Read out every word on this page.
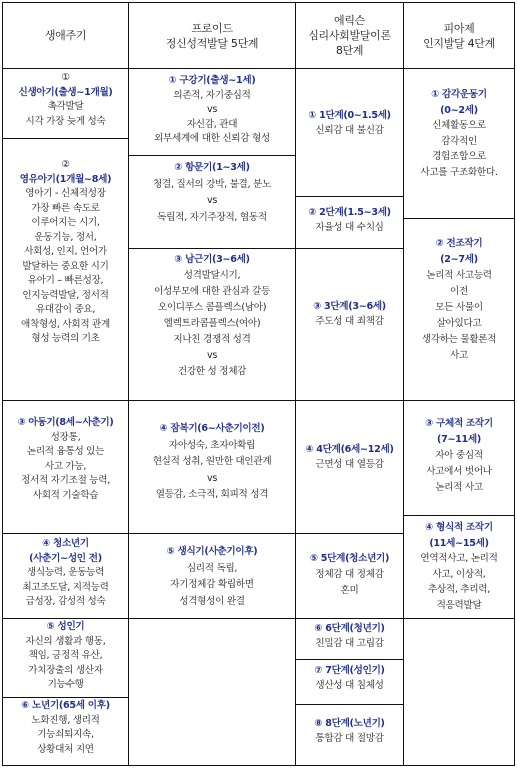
생애주기
프로이드
정신성적발달 5단계
에릭슨
심리사회발달이론
8단계
피아제
인지발달 4단계
①
신생아기(출생~1개월)
촉각발달
시각 가장 늦게 성숙
②
영유아기(1개월~8세)
영아기 - 신체적성장
가장 빠른 속도로
이루어지는 시기,
운동기능, 정서,
사회성, 인지, 언어가
발달하는 중요한 시기
유아기 – 빠른성장,
인지능력발달, 정서적
유대감이 중요,
애착형성, 사회적 관계
형성 능력의 기초
③ 아동기(8세~사춘기)
성장통,
논리적 융통성 있는
사고 가능,
정서적 자기조절 능력,
사회적 기술학습
④ 청소년기
(사춘기~성인 전)
생식능력, 운동능력
최고조도달, 지적능력
급성장, 감성적 성숙
⑤ 성인기
자신의 생활과 행동,
책임, 긍정적 유산,
가치장출의 생산자
기능수행
⑥ 노년기(65세 이후)
노화진행, 생리적
기능쇠퇴지속,
상황대처 지연
① 구강기(출생~1세)
의존적, 자기중심적
vs
자신감, 관대
외부세계에 대한 신뢰감 형성
② 항문기(1~3세)
청결, 질서의 강박, 불결, 분노
vs
독립적, 자기주장적, 협동적
③ 남근기(3~6세)
성격발달시기,
이성부모에 대한 관심과 갈등
오이디푸스 콤플렉스(남아)
엘렉트라콤플렉스(여아)
지나친 경쟁적 성격
vs
건강한 성 정체감
④ 잠복기(6~사춘기이전)
자아성숙, 초자아확립
현실적 성취, 원만한 대인관계
vs
열등감, 소극적, 회피적 성격
⑤ 생식기(사춘기이후)
심리적 독립,
자기정체감 확립하면
성격형성이 완결
① 1단계(0~1.5세)
신뢰감 대 불신감
② 2단계(1.5~3세)
자율성 대 수치심
③ 3단계(3~6세)
주도성 대 죄책감
④ 4단계(6세~12세)
근면성 대 열등감
⑤ 5단계(청소년기)
정체감 대 정체감
혼미
⑥ 6단계(청년기)
친밀감 대 고립감
⑦ 7단계(성인기)
생산성 대 침체성
⑧ 8단계(노년기)
통합감 대 절망감
① 감각운동기
(0~2세)
신체활동으로
감각적인
경험조합으로
사고를 구조화한다.
② 전조작기
(2~7세)
논리적 사고능력
이전
모든 사물이
살아있다고
생각하는 물활론적
사고
③ 구체적 조작기
(7~11세)
자아 중심적
사고에서 벗어나
논리적 사고
④ 형식적 조작기
(11세~15세)
연역적사고, 논리적
사고, 이상적,
추상적, 추리력,
적응력발달
